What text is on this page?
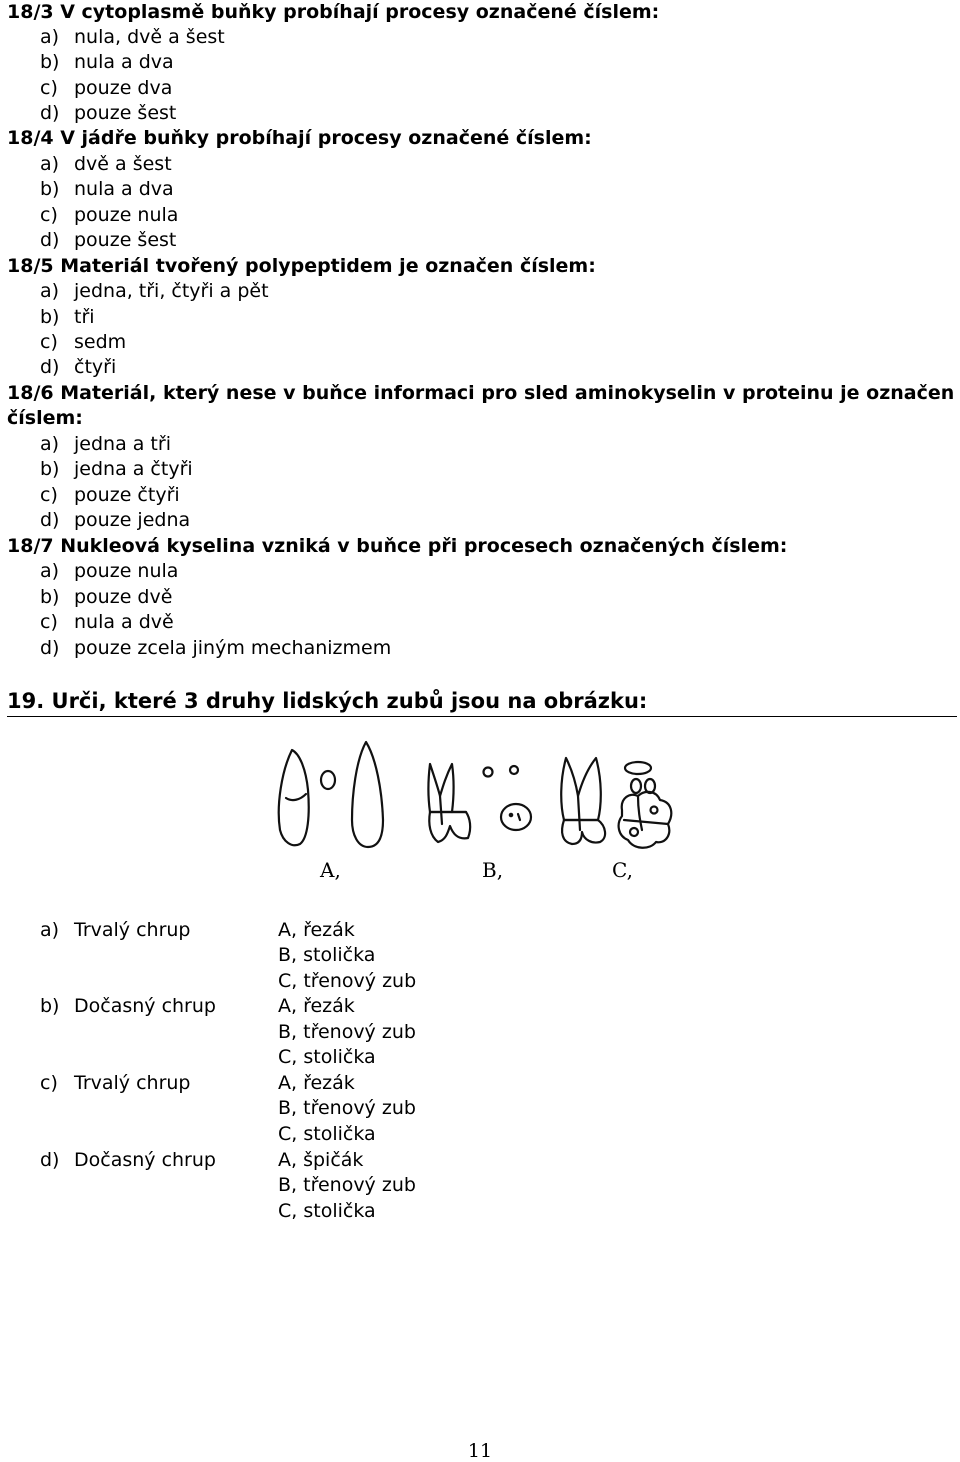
18/3 V cytoplasmě buňky probíhají procesy označené číslem:
a) nula, dvě a šest
b) nula a dva
c) pouze dva
d) pouze šest
18/4 V jádře buňky probíhají procesy označené číslem:
a) dvě a šest
b) nula a dva
c) pouze nula
d) pouze šest
18/5 Materiál tvořený polypeptidem je označen číslem:
a) jedna, tři, čtyři a pět
b) tři
c) sedm
d) čtyři
18/6 Materiál, který nese v buňce informaci pro sled aminokyselin v proteinu je označen
číslem:
a) jedna a tři
b) jedna a čtyři
c) pouze čtyři
d) pouze jedna
18/7 Nukleová kyselina vzniká v buňce při procesech označených číslem:
a) pouze nula
b) pouze dvě
c) nula a dvě
d) pouze zcela jiným mechanizmem
19. Urči, které 3 druhy lidských zubů jsou na obrázku:
A,	B,	C,
a) Trvalý chrup	A, řezák
B, stolička
C, třenový zub
b) Dočasný chrup	A, řezák
B, třenový zub
C, stolička
c) Trvalý chrup	A, řezák
B, třenový zub
C, stolička
d) Dočasný chrup	A, špičák
B, třenový zub
C, stolička
11
